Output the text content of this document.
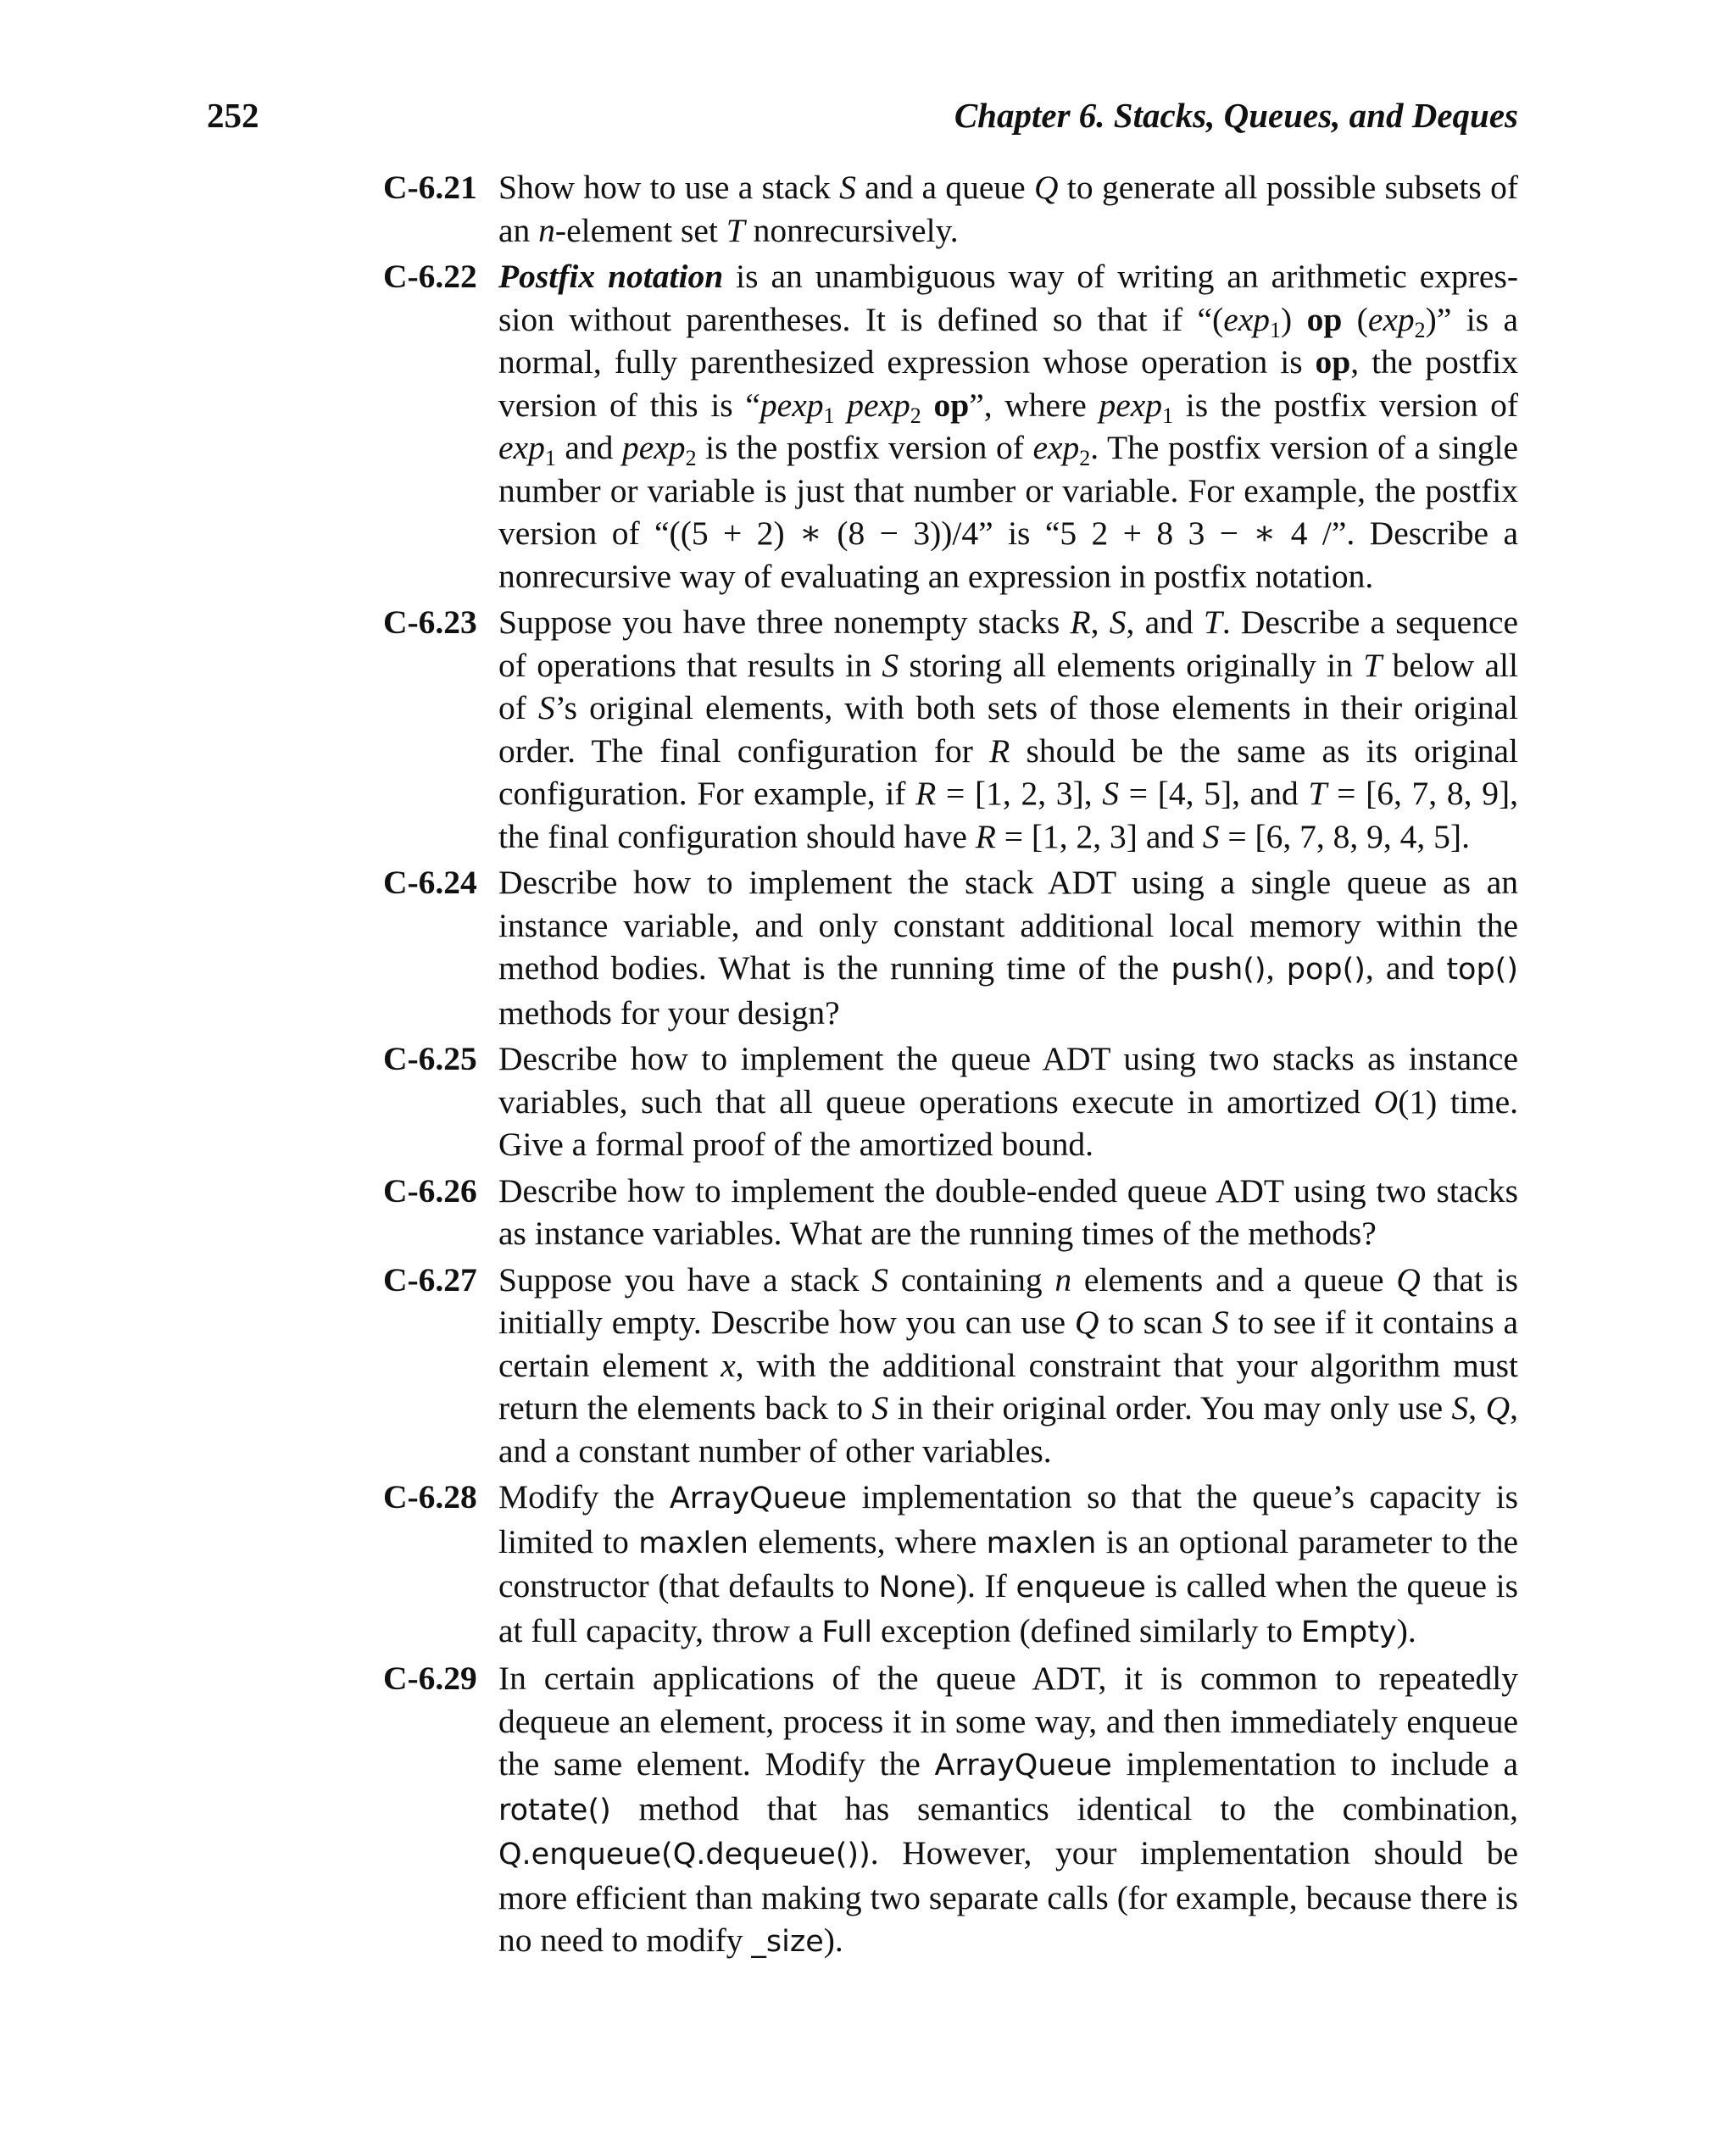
252	Chapter 6. Stacks, Queues, and Deques
C-6.21 Show how to use a stack S and a queue Q to generate all possible subsets of an n-element set T nonrecursively.
C-6.22 Postfix notation is an unambiguous way of writing an arithmetic expression without parentheses. It is defined so that if “$(\exp_1)$ op $(\exp_2)$” is a normal, fully parenthesized expression whose operation is op, the postfix version of this is “pexp$_1$ pexp$_2$ op”, where pexp$_1$ is the postfix version of $\exp_1$ and pexp$_2$ is the postfix version of $\exp_2$. The postfix version of a single number or variable is just that number or variable. For example, the postfix version of “((5 + 2) ∗ (8 − 3))/4” is “5 2 + 8 3 − ∗ 4 /”. Describe a nonrecursive way of evaluating an expression in postfix notation.
C-6.23 Suppose you have three nonempty stacks R, S, and T. Describe a sequence of operations that results in S storing all elements originally in T below all of S’s original elements, with both sets of those elements in their original order. The final configuration for R should be the same as its original configuration. For example, if R = [1, 2, 3], S = [4, 5], and T = [6, 7, 8, 9], the final configuration should have R = [1, 2, 3] and S = [6, 7, 8, 9, 4, 5].
C-6.24 Describe how to implement the stack ADT using a single queue as an instance variable, and only constant additional local memory within the method bodies. What is the running time of the push(), pop(), and top() methods for your design?
C-6.25 Describe how to implement the queue ADT using two stacks as instance variables, such that all queue operations execute in amortized O(1) time. Give a formal proof of the amortized bound.
C-6.26 Describe how to implement the double-ended queue ADT using two stacks as instance variables. What are the running times of the methods?
C-6.27 Suppose you have a stack S containing n elements and a queue Q that is initially empty. Describe how you can use Q to scan S to see if it contains a certain element x, with the additional constraint that your algorithm must return the elements back to S in their original order. You may only use S, Q, and a constant number of other variables.
C-6.28 Modify the ArrayQueue implementation so that the queue’s capacity is limited to maxlen elements, where maxlen is an optional parameter to the constructor (that defaults to None). If enqueue is called when the queue is at full capacity, throw a Full exception (defined similarly to Empty).
C-6.29 In certain applications of the queue ADT, it is common to repeatedly dequeue an element, process it in some way, and then immediately enqueue the same element. Modify the ArrayQueue implementation to include a rotate() method that has semantics identical to the combination, Q.enqueue(Q.dequeue()). However, your implementation should be more efficient than making two separate calls (for example, because there is no need to modify _size).
